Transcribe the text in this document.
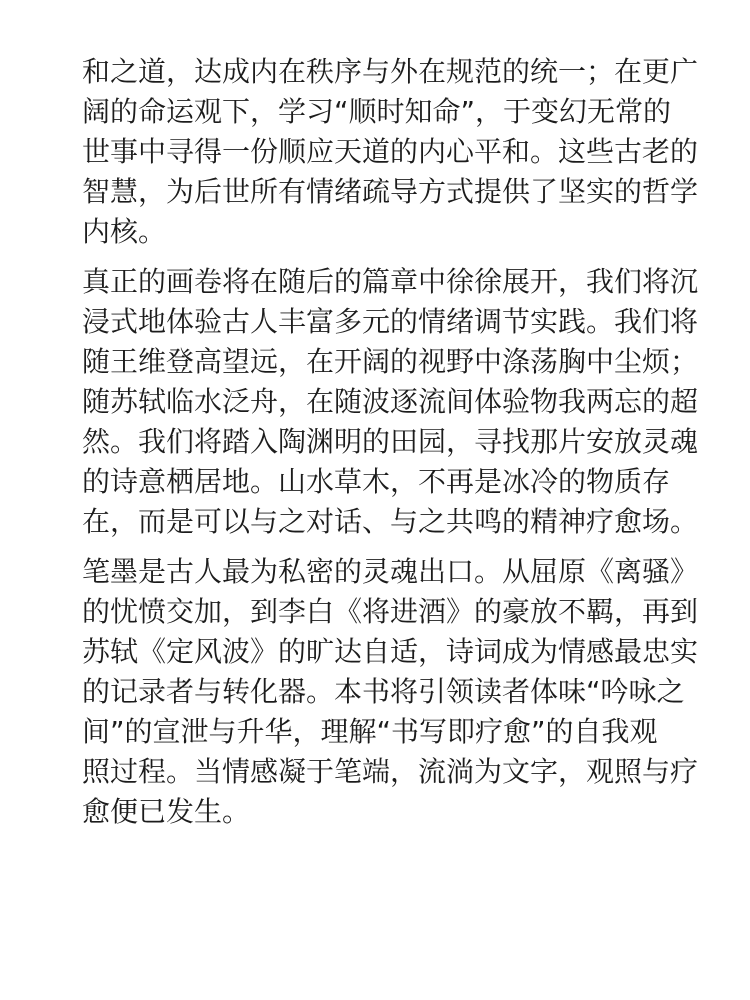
和之道，达成内在秩序与外在规范的统一；在更广
阔的命运观下，学习“顺时知命”，于变幻无常的
世事中寻得一份顺应天道的内心平和。这些古老的
智慧，为后世所有情绪疏导方式提供了坚实的哲学
内核。
真正的画卷将在随后的篇章中徐徐展开，我们将沉
浸式地体验古人丰富多元的情绪调节实践。我们将
随王维登高望远，在开阔的视野中涤荡胸中尘烦；
随苏轼临水泛舟，在随波逐流间体验物我两忘的超
然。我们将踏入陶渊明的田园，寻找那片安放灵魂
的诗意栖居地。山水草木，不再是冰冷的物质存
在，而是可以与之对话、与之共鸣的精神疗愈场。
笔墨是古人最为私密的灵魂出口。从屈原《离骚》
的忧愤交加，到李白《将进酒》的豪放不羁，再到
苏轼《定风波》的旷达自适，诗词成为情感最忠实
的记录者与转化器。本书将引领读者体味“吟咏之
间”的宣泄与升华，理解“书写即疗愈”的自我观
照过程。当情感凝于笔端，流淌为文字，观照与疗
愈便已发生。
